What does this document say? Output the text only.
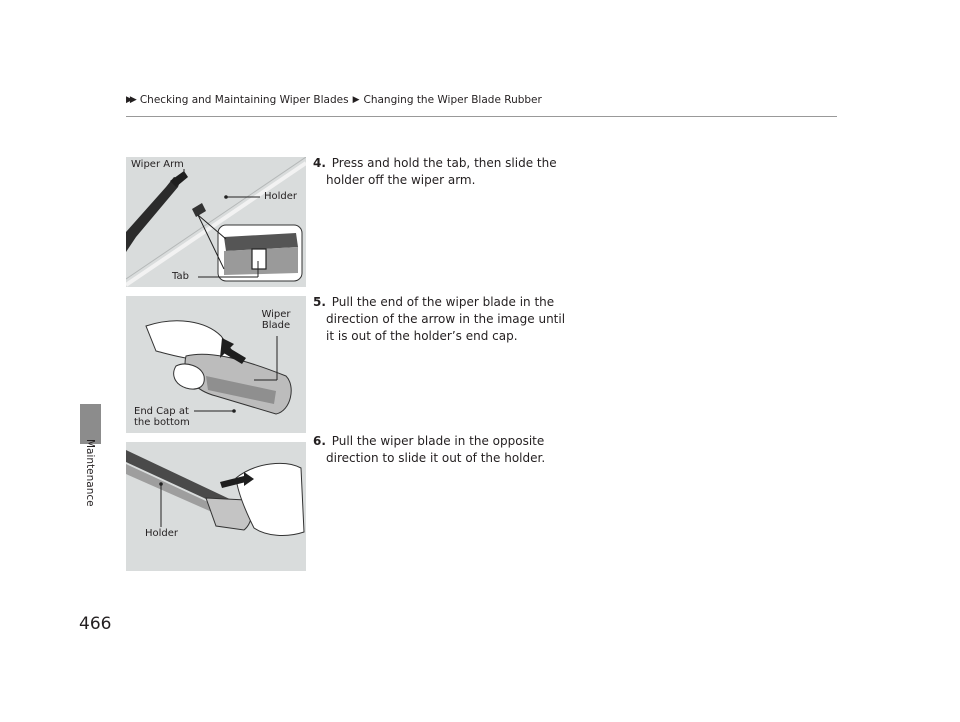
▶▶ Checking and Maintaining Wiper Blades ▶ Changing the Wiper Blade Rubber
Maintenance
466
Wiper Arm
Holder
Tab
Wiper Blade
End Cap at the bottom
Holder
4. Press and hold the tab, then slide the holder off the wiper arm.
5. Pull the end of the wiper blade in the direction of the arrow in the image until it is out of the holder’s end cap.
6. Pull the wiper blade in the opposite direction to slide it out of the holder.
